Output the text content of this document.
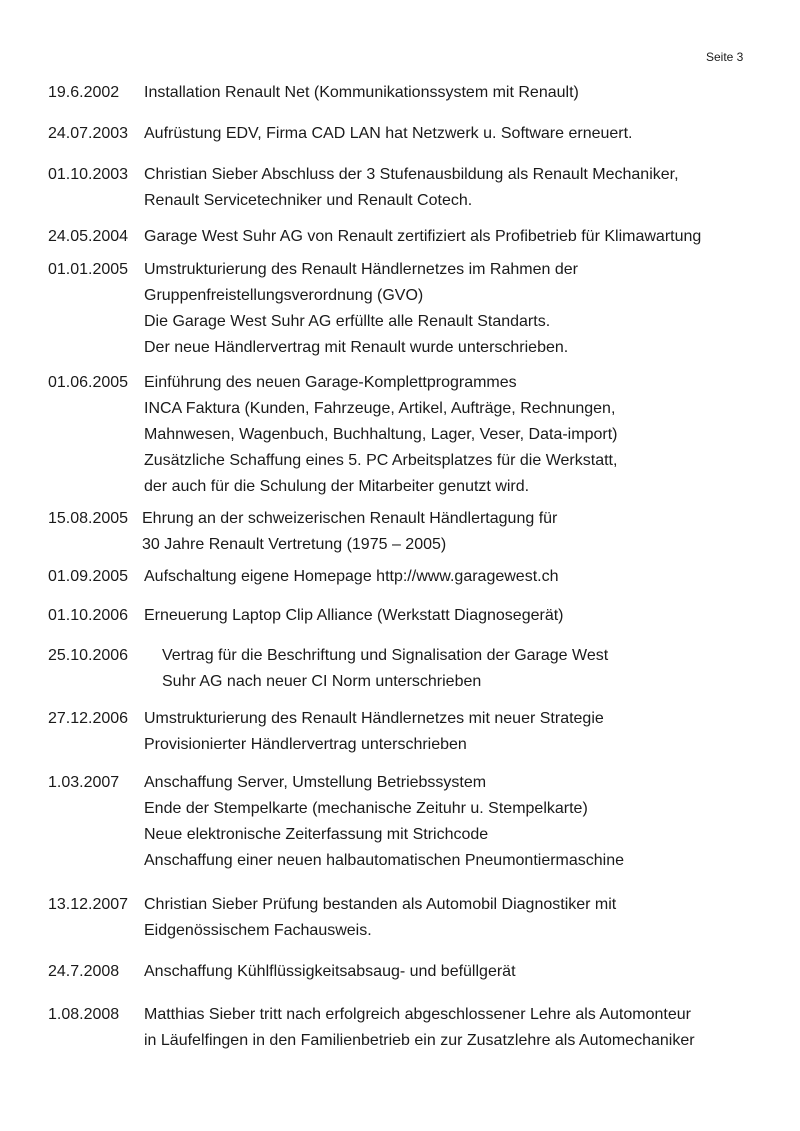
Seite 3
19.6.2002 Installation Renault Net (Kommunikationssystem mit Renault)
24.07.2003 Aufrüstung EDV, Firma CAD LAN hat Netzwerk u. Software erneuert.
01.10.2003 Christian Sieber Abschluss der 3 Stufenausbildung als Renault Mechaniker,
Renault Servicetechniker und Renault Cotech.
24.05.2004 Garage West Suhr AG von Renault zertifiziert als Profibetrieb für Klimawartung
01.01.2005 Umstrukturierung des Renault Händlernetzes im Rahmen der
Gruppenfreistellungsverordnung (GVO)
Die Garage West Suhr AG erfüllte alle Renault Standarts.
Der neue Händlervertrag mit Renault wurde unterschrieben.
01.06.2005 Einführung des neuen Garage-Komplettprogrammes
INCA Faktura (Kunden, Fahrzeuge, Artikel, Aufträge, Rechnungen,
Mahnwesen, Wagenbuch, Buchhaltung, Lager, Veser, Data-import)
Zusätzliche Schaffung eines 5. PC Arbeitsplatzes für die Werkstatt,
der auch für die Schulung der Mitarbeiter genutzt wird.
15.08.2005 Ehrung an der schweizerischen Renault Händlertagung für
30 Jahre Renault Vertretung (1975 – 2005)
01.09.2005 Aufschaltung eigene Homepage http://www.garagewest.ch
01.10.2006 Erneuerung Laptop Clip Alliance (Werkstatt Diagnosegerät)
25.10.2006 Vertrag für die Beschriftung und Signalisation der Garage West
Suhr AG nach neuer CI Norm unterschrieben
27.12.2006 Umstrukturierung des Renault Händlernetzes mit neuer Strategie
Provisionierter Händlervertrag unterschrieben
1.03.2007 Anschaffung Server, Umstellung Betriebssystem
Ende der Stempelkarte (mechanische Zeituhr u. Stempelkarte)
Neue elektronische Zeiterfassung mit Strichcode
Anschaffung einer neuen halbautomatischen Pneumontiermaschine
13.12.2007 Christian Sieber Prüfung bestanden als Automobil Diagnostiker mit
Eidgenössischem Fachausweis.
24.7.2008 Anschaffung Kühlflüssigkeitsabsaug- und befüllgerät
1.08.2008 Matthias Sieber tritt nach erfolgreich abgeschlossener Lehre als Automonteur
in Läufelfingen in den Familienbetrieb ein zur Zusatzlehre als Automechaniker
